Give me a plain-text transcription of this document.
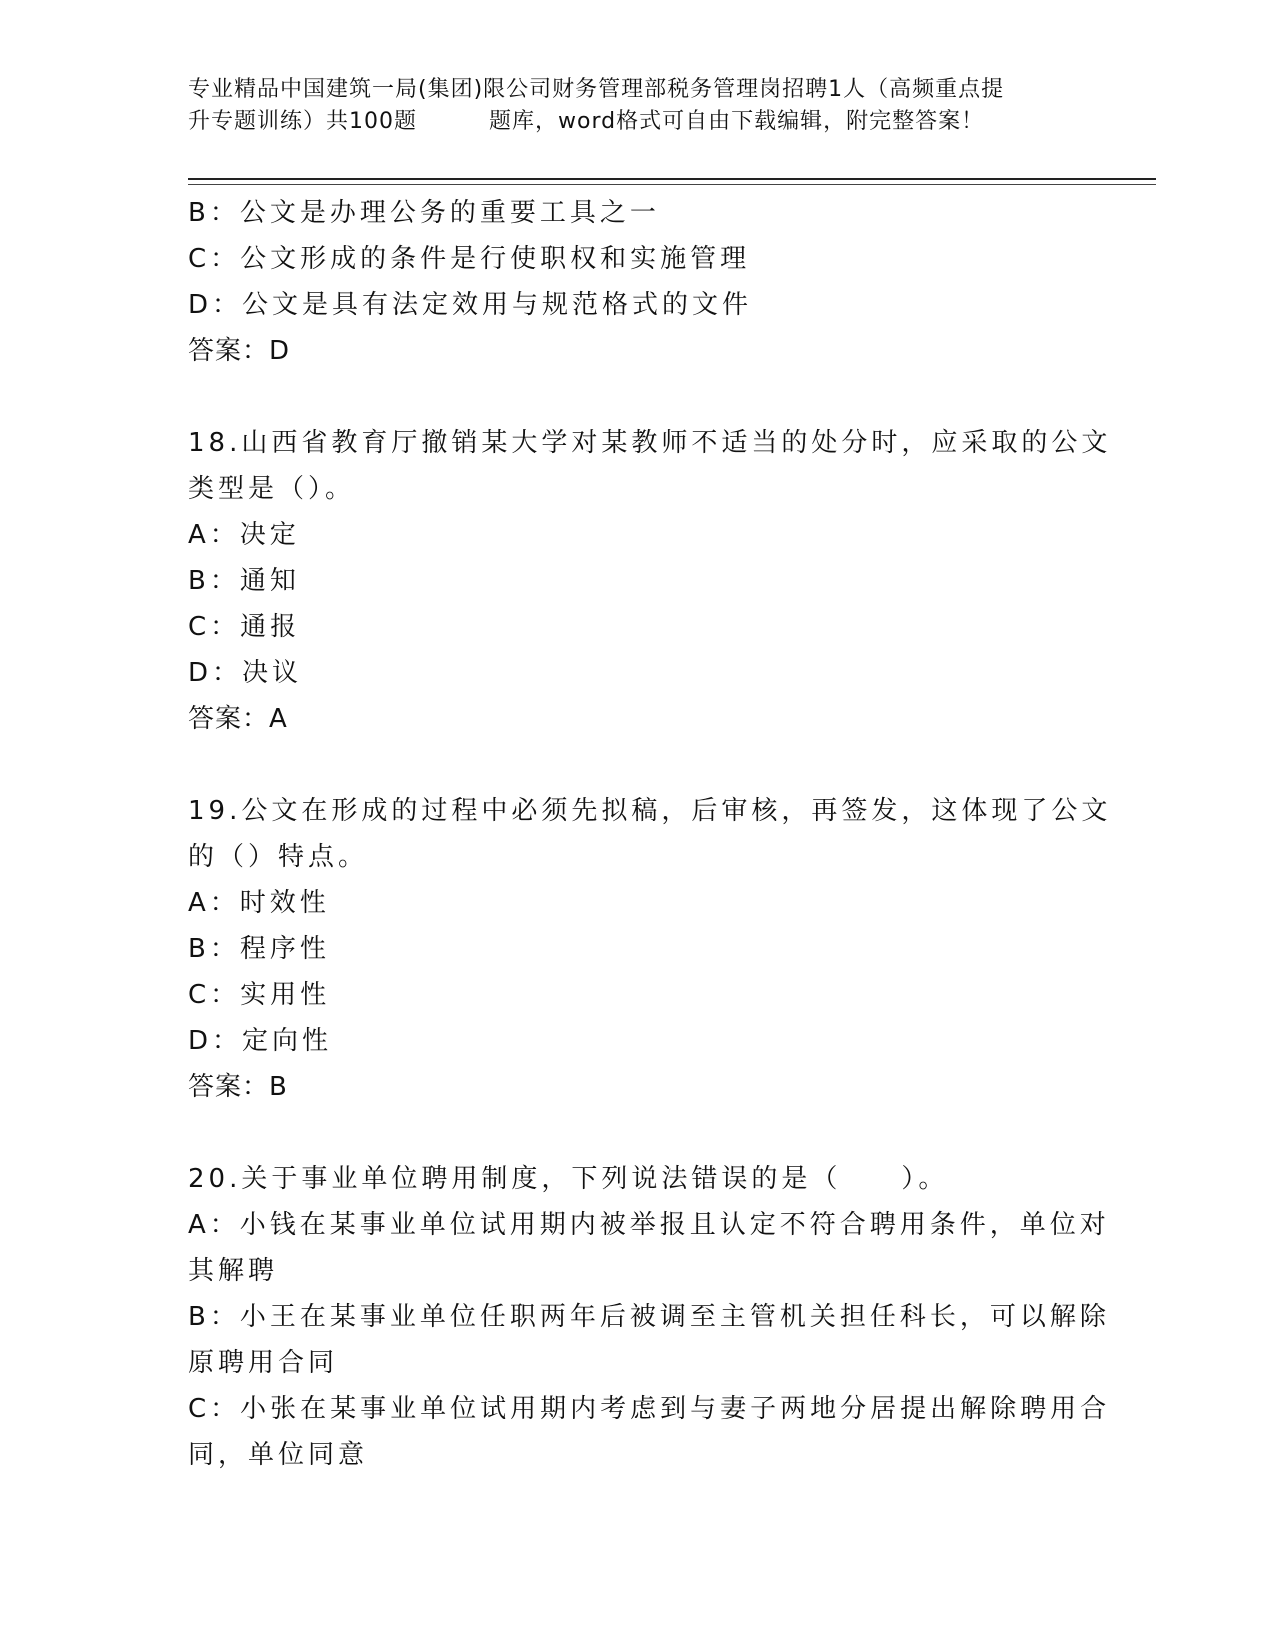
专业精品中国建筑一局(集团)限公司财务管理部税务管理岗招聘1人（高频重点提
升专题训练）共100题	题库，word格式可自由下载编辑，附完整答案！
B：公文是办理公务的重要工具之一
C：公文形成的条件是行使职权和实施管理
D：公文是具有法定效用与规范格式的文件
答案：D
18.山西省教育厅撤销某大学对某教师不适当的处分时，应采取的公文
类型是（）。
A：决定
B：通知
C：通报
D：决议
答案：A
19.公文在形成的过程中必须先拟稿，后审核，再签发，这体现了公文
的（）特点。
A：时效性
B：程序性
C：实用性
D：定向性
答案：B
20.关于事业单位聘用制度，下列说法错误的是（　　）。
A：小钱在某事业单位试用期内被举报且认定不符合聘用条件，单位对
其解聘
B：小王在某事业单位任职两年后被调至主管机关担任科长，可以解除
原聘用合同
C：小张在某事业单位试用期内考虑到与妻子两地分居提出解除聘用合
同，单位同意
